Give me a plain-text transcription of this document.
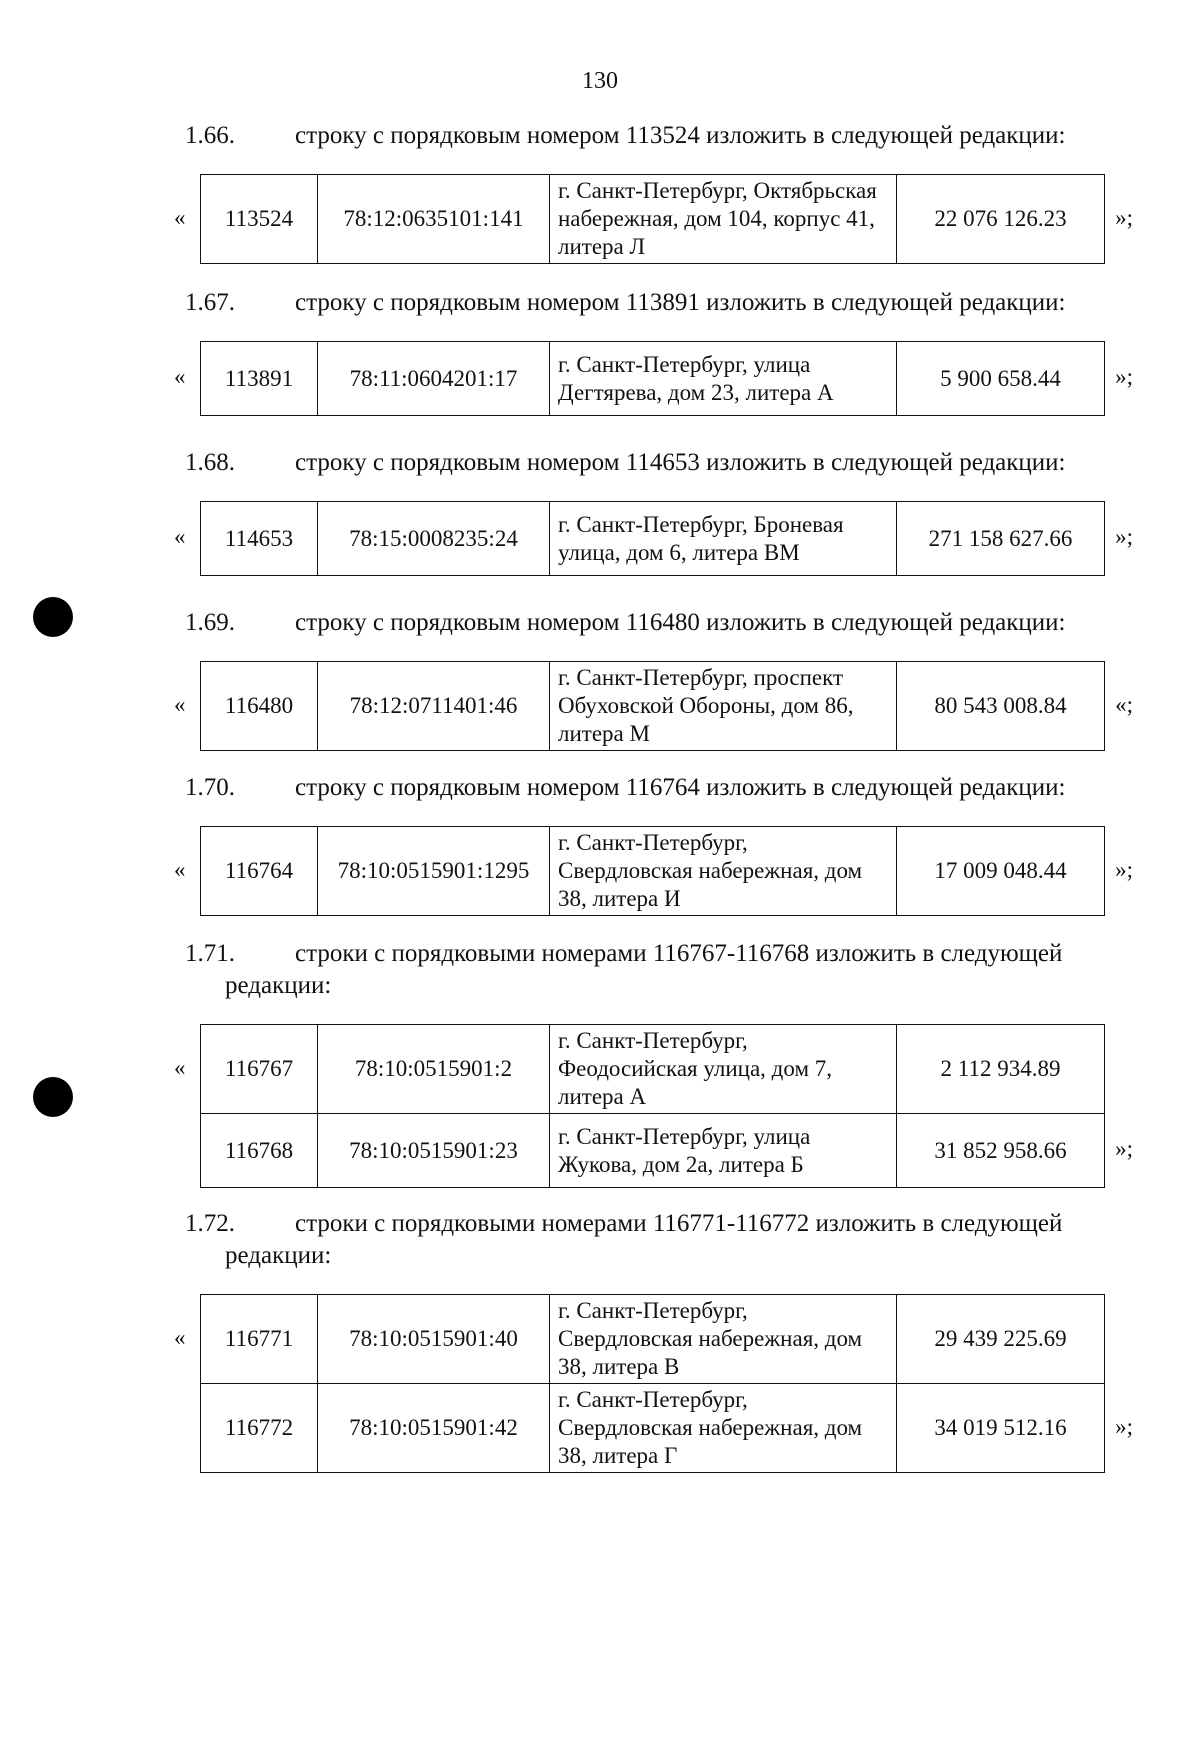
130
1.66. строку с порядковым номером 113524 изложить в следующей редакции:
113524	78:12:0635101:141	г. Санкт-Петербург, Октябрьская набережная, дом 104, корпус 41, литера Л	22 076 126.23
«	»;
1.67. строку с порядковым номером 113891 изложить в следующей редакции:
113891	78:11:0604201:17	г. Санкт-Петербург, улица Дегтярева, дом 23, литера А	5 900 658.44
«	»;
1.68. строку с порядковым номером 114653 изложить в следующей редакции:
114653	78:15:0008235:24	г. Санкт-Петербург, Броневая улица, дом 6, литера ВМ	271 158 627.66
«	»;
1.69. строку с порядковым номером 116480 изложить в следующей редакции:
116480	78:12:0711401:46	г. Санкт-Петербург, проспект Обуховской Обороны, дом 86, литера М	80 543 008.84
«	«;
1.70. строку с порядковым номером 116764 изложить в следующей редакции:
116764	78:10:0515901:1295	г. Санкт-Петербург, Свердловская набережная, дом 38, литера И	17 009 048.44
«	»;
1.71.	строки с порядковыми номерами 116767-116768 изложить в следующей
редакции:
116767	78:10:0515901:2	г. Санкт-Петербург, Феодосийская улица, дом 7, литера А	2 112 934.89
116768	78:10:0515901:23	г. Санкт-Петербург, улица Жукова, дом 2а, литера Б	31 852 958.66
«
»;
1.72.	строки с порядковыми номерами 116771-116772 изложить в следующей
редакции:
116771	78:10:0515901:40	г. Санкт-Петербург, Свердловская набережная, дом 38, литера В	29 439 225.69
116772	78:10:0515901:42	г. Санкт-Петербург, Свердловская набережная, дом 38, литера Г	34 019 512.16
«
»;
